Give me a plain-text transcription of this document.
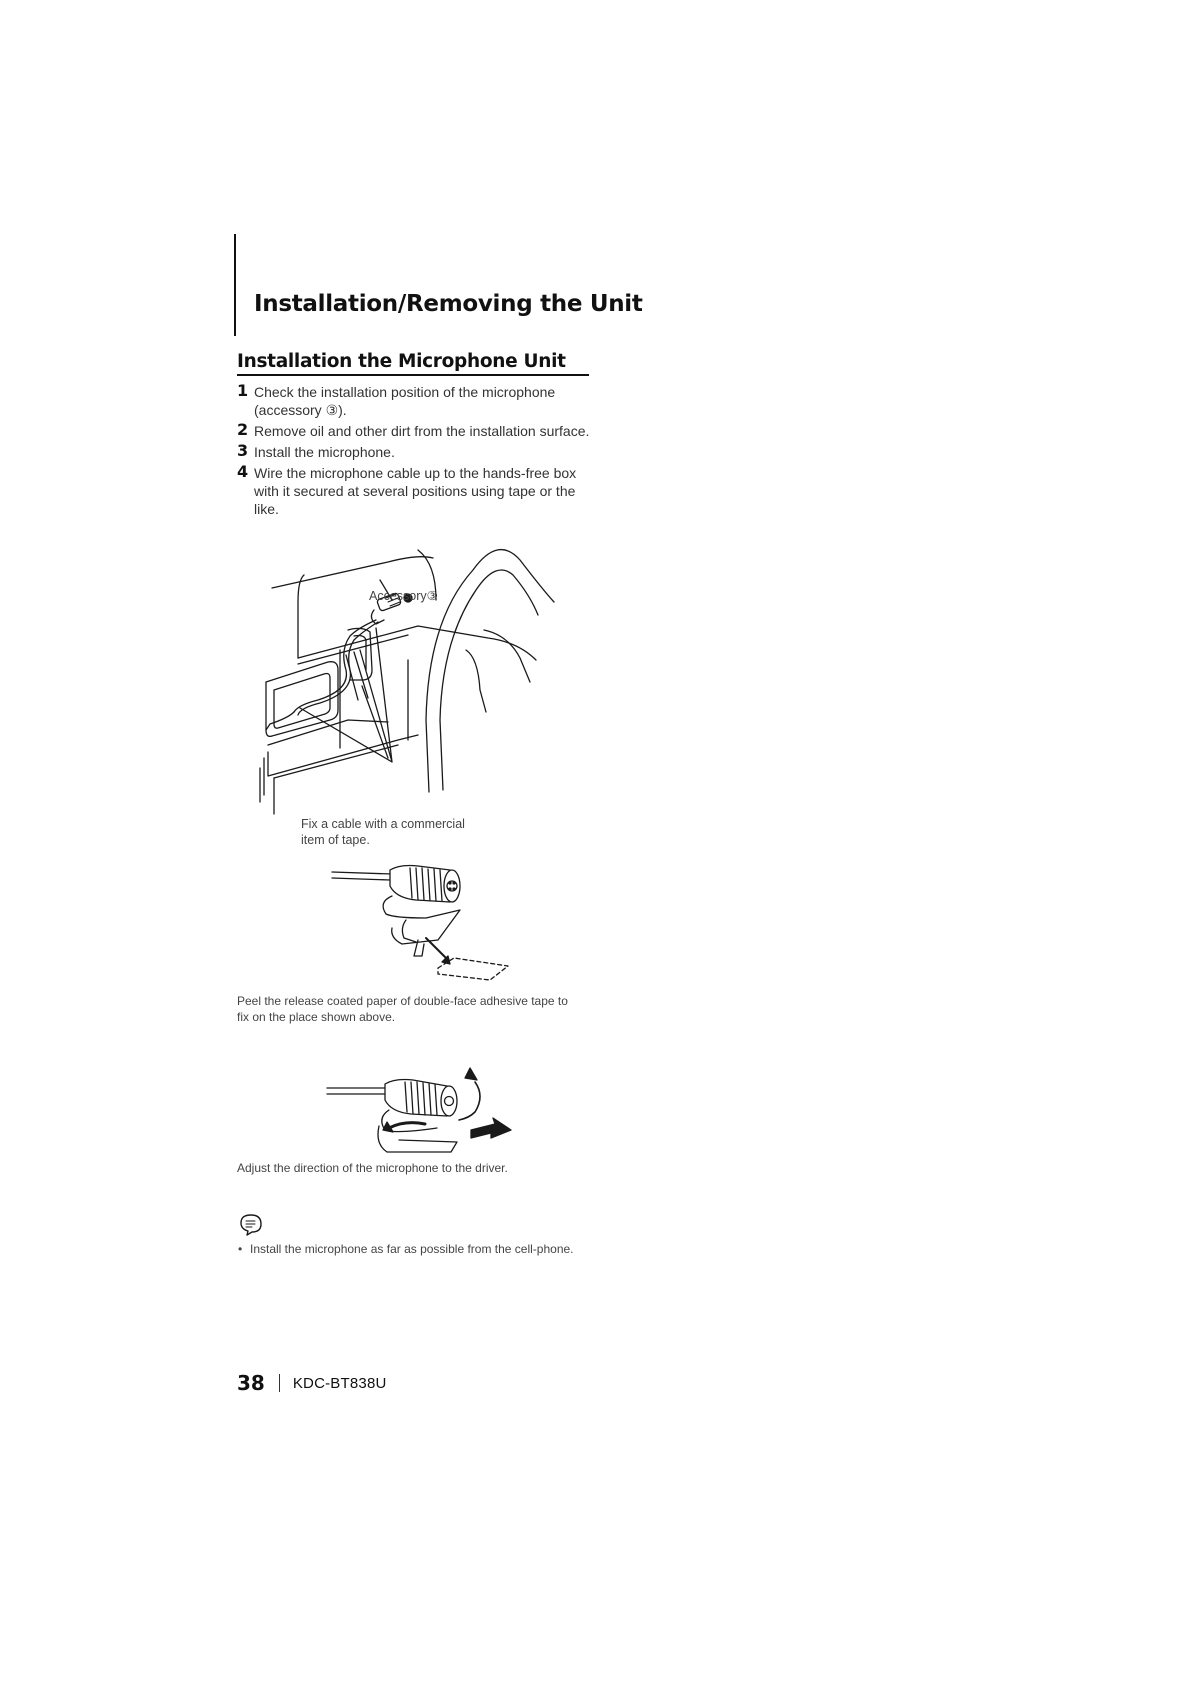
Installation/Removing the Unit
Installation the Microphone Unit
1 Check the installation position of the microphone (accessory ③).
2 Remove oil and other dirt from the installation surface.
3 Install the microphone.
4 Wire the microphone cable up to the hands-free box with it secured at several positions using tape or the like.

Accessory③

Fix a cable with a commercial
item of tape.

Peel the release coated paper of double-face adhesive tape to
fix on the place shown above.

Adjust the direction of the microphone to the driver.

• Install the microphone as far as possible from the cell-phone.

38 KDC-BT838U
